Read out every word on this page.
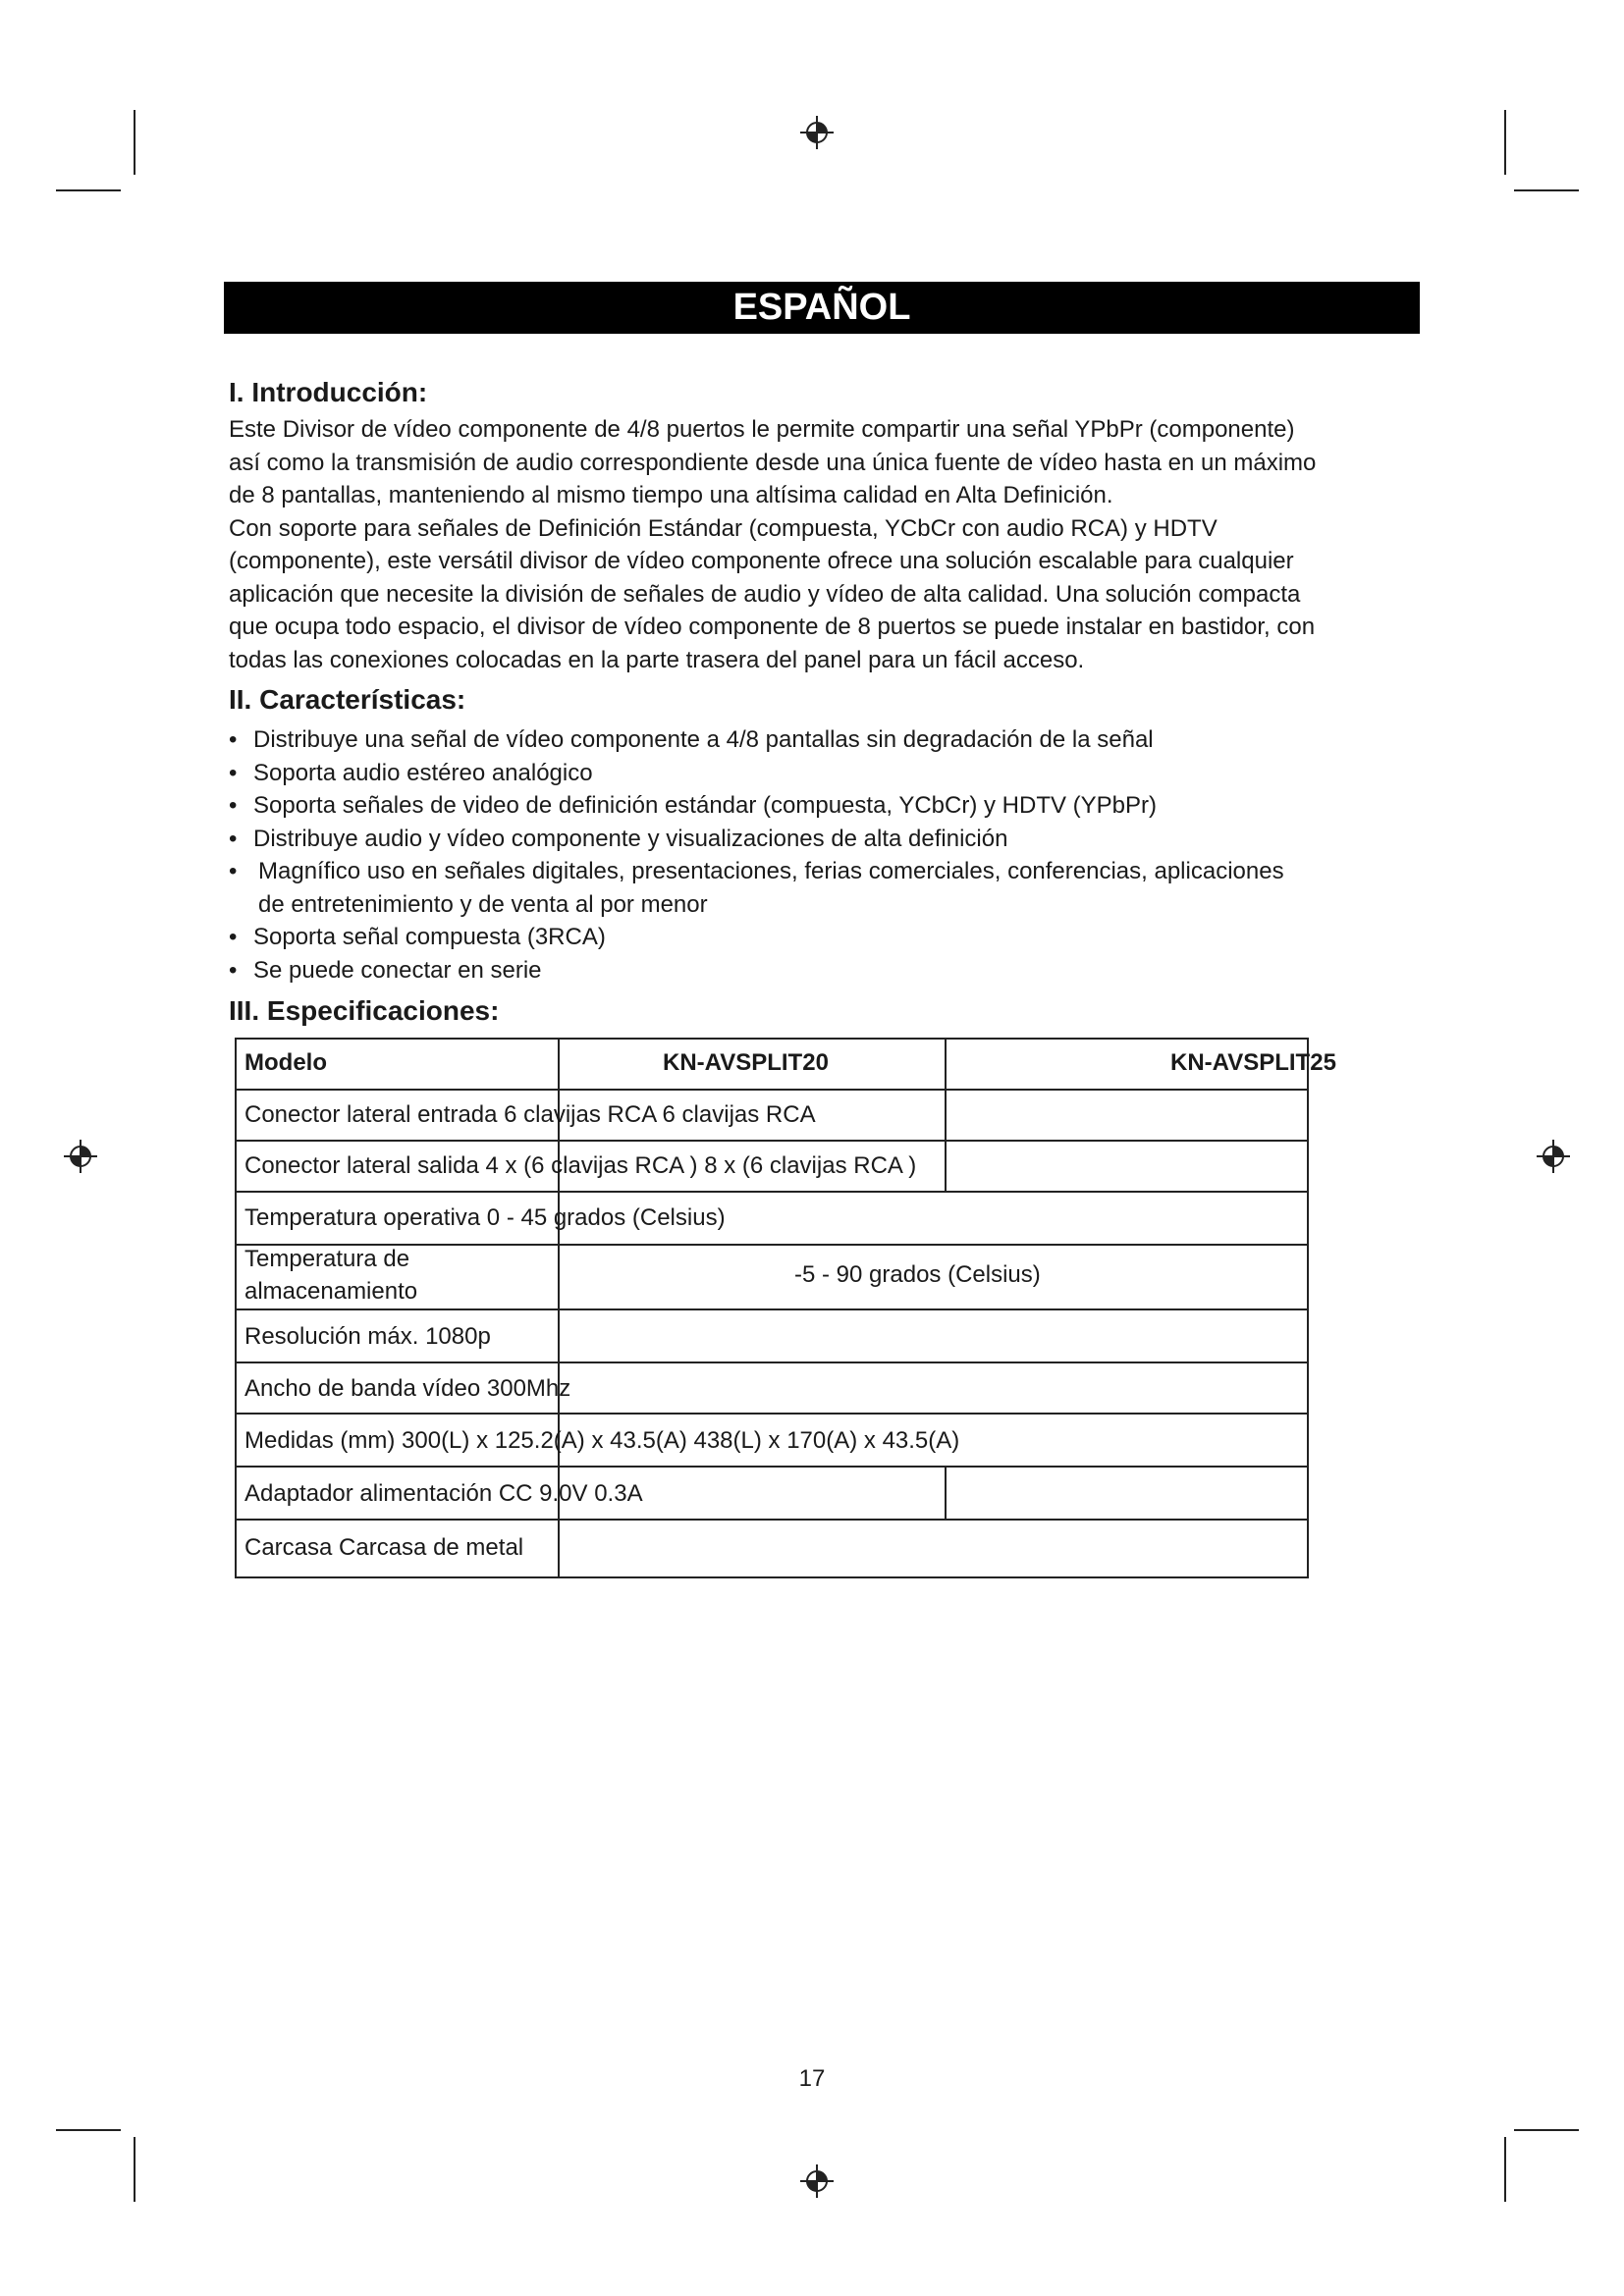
ESPAÑOL
I. Introducción:
Este Divisor de vídeo componente de 4/8 puertos le permite compartir una señal YPbPr (componente)
así como la transmisión de audio correspondiente desde una única fuente de vídeo hasta en un máximo
de 8 pantallas, manteniendo al mismo tiempo una altísima calidad en Alta Definición.
Con soporte para señales de Definición Estándar (compuesta, YCbCr con audio RCA) y HDTV
(componente), este versátil divisor de vídeo componente ofrece una solución escalable para cualquier
aplicación que necesite la división de señales de audio y vídeo de alta calidad. Una solución compacta
que ocupa todo espacio, el divisor de vídeo componente de 8 puertos se puede instalar en bastidor, con
todas las conexiones colocadas en la parte trasera del panel para un fácil acceso.
II. Características:
• Distribuye una señal de vídeo componente a 4/8 pantallas sin degradación de la señal
• Soporta audio estéreo analógico
• Soporta señales de video de definición estándar (compuesta, YCbCr) y HDTV (YPbPr)
• Distribuye audio y vídeo componente y visualizaciones de alta definición
• Magnífico uso en señales digitales, presentaciones, ferias comerciales, conferencias, aplicaciones
de entretenimiento y de venta al por menor
• Soporta señal compuesta (3RCA)
• Se puede conectar en serie
III. Especificaciones:
Modelo	KN-AVSPLIT20	KN-AVSPLIT25
Conector lateral entrada 6 clavijas RCA 6 clavijas RCA
Conector lateral salida 4 x (6 clavijas RCA ) 8 x (6 clavijas RCA )
Temperatura operativa 0 - 45 grados (Celsius)
Temperatura de
almacenamiento
-5 - 90 grados (Celsius)
Resolución máx. 1080p
Ancho de banda vídeo 300Mhz
Medidas (mm) 300(L) x 125.2(A) x 43.5(A) 438(L) x 170(A) x 43.5(A)
Adaptador alimentación CC 9.0V 0.3A
Carcasa Carcasa de metal
17
